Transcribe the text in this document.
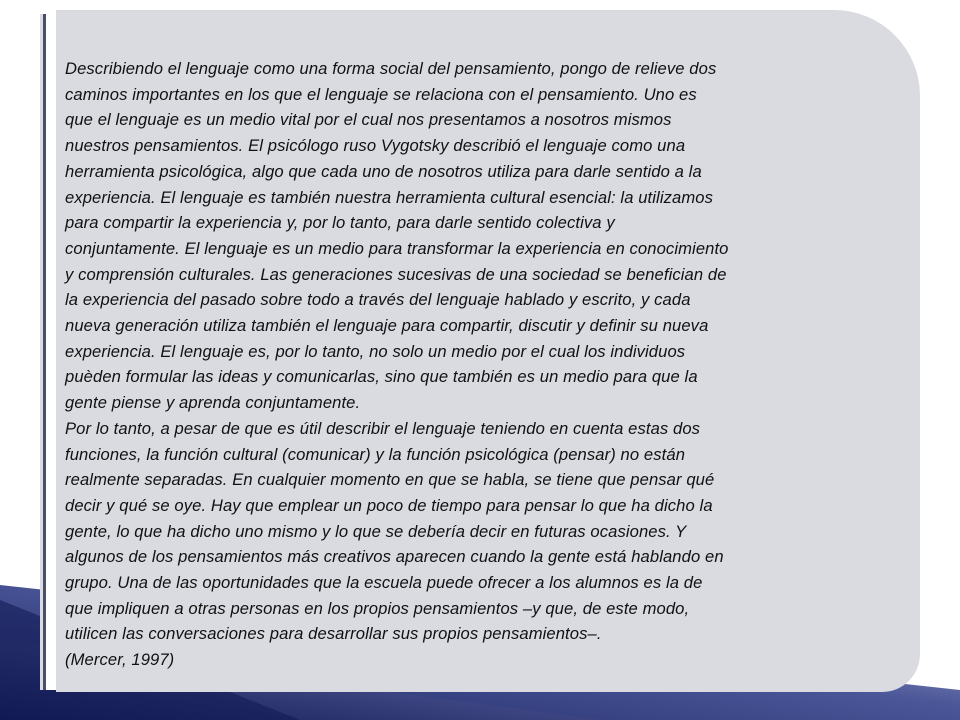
Describiendo el lenguaje como una forma social del pensamiento, pongo de relieve dos
caminos importantes en los que el lenguaje se relaciona con el pensamiento. Uno es
que el lenguaje es un medio vital por el cual nos presentamos a nosotros mismos
nuestros pensamientos. El psicólogo ruso Vygotsky describió el lenguaje como una
herramienta psicológica, algo que cada uno de nosotros utiliza para darle sentido a la
experiencia. El lenguaje es también nuestra herramienta cultural esencial: la utilizamos
para compartir la experiencia y, por lo tanto, para darle sentido colectiva y
conjuntamente. El lenguaje es un medio para transformar la experiencia en conocimiento
y comprensión culturales. Las generaciones sucesivas de una sociedad se benefician de
la experiencia del pasado sobre todo a través del lenguaje hablado y escrito, y cada
nueva generación utiliza también el lenguaje para compartir, discutir y definir su nueva
experiencia. El lenguaje es, por lo tanto, no solo un medio por el cual los individuos
puèden formular las ideas y comunicarlas, sino que también es un medio para que la
gente piense y aprenda conjuntamente.

Por lo tanto, a pesar de que es útil describir el lenguaje teniendo en cuenta estas dos
funciones, la función cultural (comunicar) y la función psicológica (pensar) no están
realmente separadas. En cualquier momento en que se habla, se tiene que pensar qué
decir y qué se oye. Hay que emplear un poco de tiempo para pensar lo que ha dicho la
gente, lo que ha dicho uno mismo y lo que se debería decir en futuras ocasiones. Y
algunos de los pensamientos más creativos aparecen cuando la gente está hablando en
grupo. Una de las oportunidades que la escuela puede ofrecer a los alumnos es la de
que impliquen a otras personas en los propios pensamientos –y que, de este modo,
utilicen las conversaciones para desarrollar sus propios pensamientos–.

(Mercer, 1997)
